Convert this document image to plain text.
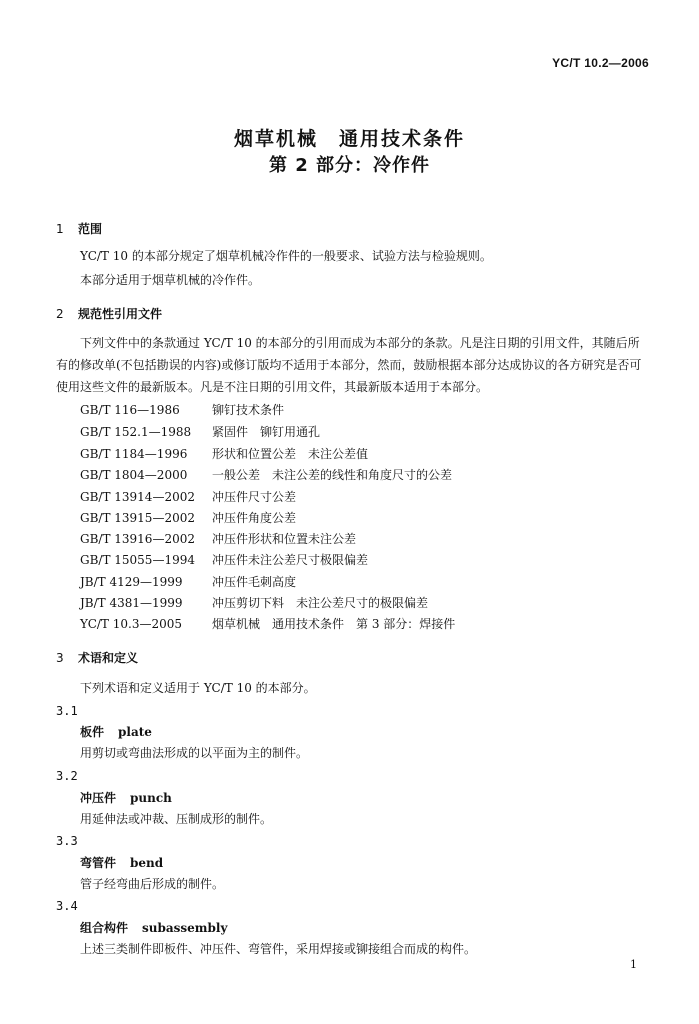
YC/T 10.2—2006
烟草机械　通用技术条件
第 2 部分：冷作件
1 范围
YC/T 10 的本部分规定了烟草机械冷作件的一般要求、试验方法与检验规则。
本部分适用于烟草机械的冷作件。
2 规范性引用文件
下列文件中的条款通过 YC/T 10 的本部分的引用而成为本部分的条款。凡是注日期的引用文件，其随后所有的修改单(不包括勘误的内容)或修订版均不适用于本部分，然而，鼓励根据本部分达成协议的各方研究是否可使用这些文件的最新版本。凡是不注日期的引用文件，其最新版本适用于本部分。
GB/T 116—1986	铆钉技术条件
GB/T 152.1—1988 紧固件　铆钉用通孔
GB/T 1184—1996 形状和位置公差　未注公差值
GB/T 1804—2000 一般公差　未注公差的线性和角度尺寸的公差
GB/T 13914—2002 冲压件尺寸公差
GB/T 13915—2002 冲压件角度公差
GB/T 13916—2002 冲压件形状和位置未注公差
GB/T 15055—1994 冲压件未注公差尺寸极限偏差
JB/T 4129—1999 冲压件毛刺高度
JB/T 4381—1999 冲压剪切下料　未注公差尺寸的极限偏差
YC/T 10.3—2005 烟草机械　通用技术条件　第 3 部分：焊接件
3 术语和定义
下列术语和定义适用于 YC/T 10 的本部分。
3.1
板件 plate
用剪切或弯曲法形成的以平面为主的制件。
3.2
冲压件 punch
用延伸法或冲裁、压制成形的制件。
3.3
弯管件 bend
管子经弯曲后形成的制件。
3.4
组合构件 subassembly
上述三类制件即板件、冲压件、弯管件，采用焊接或铆接组合而成的构件。
1
